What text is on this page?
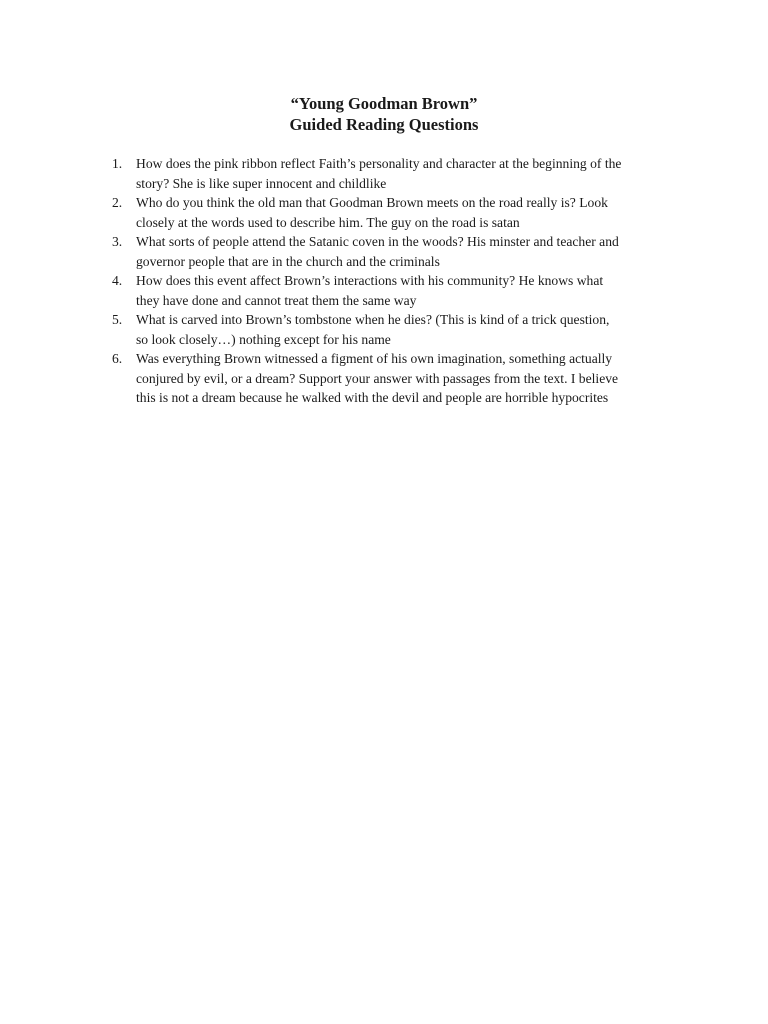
“Young Goodman Brown”
Guided Reading Questions
1. How does the pink ribbon reflect Faith’s personality and character at the beginning of the
story? She is like super innocent and childlike
2. Who do you think the old man that Goodman Brown meets on the road really is? Look
closely at the words used to describe him. The guy on the road is satan
3. What sorts of people attend the Satanic coven in the woods? His minster and teacher and
governor people that are in the church and the criminals
4. How does this event affect Brown’s interactions with his community? He knows what
they have done and cannot treat them the same way
5. What is carved into Brown’s tombstone when he dies? (This is kind of a trick question,
so look closely…) nothing except for his name
6. Was everything Brown witnessed a figment of his own imagination, something actually
conjured by evil, or a dream? Support your answer with passages from the text. I believe
this is not a dream because he walked with the devil and people are horrible hypocrites
